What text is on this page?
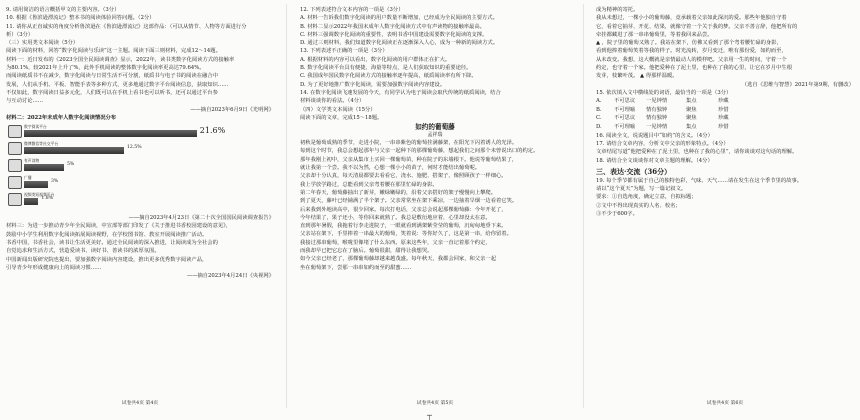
9. 请用简洁的语言概括甲文的主要内容。（3分）
10. 根据《鲁滨逊漂流记》整本书的阅读体验回答问题。（2分）
11. 请你从正直诚实的角度分析鲁滨逊在《鲁滨逊漂流记》这部作品：（可以从情节、人物等方面进行分
析）（3分）
（三）实用类文本阅读（5分）
阅读下面的材料，回答“数字化阅读与乐读”这一主题。阅读下面三则材料，完成12～14题。
材料一：近日发布的《2023全国全民阅读调查》显示，2022年，读书类数字化阅读方式的接触率
为80.1%，较2021年上升了%，此外手机阅读的整体数字化阅读率更高达79.64%。
而阅读纸质书不在减少，数字化阅读与日常生活不可分割，纸质书与电子书的阅读在融合中
发展，人们从手机、平板、智能手表等多种方式，更多地通过数字平台阅读信息，获取知识……
不仅如此，数字阅读日益多元化，人们既可以在手机上看书也可以听书，还可以通过平台参
与互动讨论……
——摘自2023年6月9日《光明网》
材料二：2022年未成年人数字化阅读情况分布
数字阅读平台	21.6%
微博微信等社交平台
12.5%
有声读物
5%
广播
3%
视频类短视频平台
1.8%
——摘自2023年4月23日《第二十次全国国民阅读调查报告》
材料三：为进一步推动青少年全民阅读，中宣部等部门印发了《关于推进书香校园建设的意见》，
鼓励中小学生利用数字化阅读拓展阅读视野，在学校图书馆、教室开展阅读推广活动。
书香中国，书香社会，读书让生活更美好。通过全民阅读的深入推进，让阅读成为全社会的
自觉追求和生活方式，营造爱读书、读好书、善读书的浓厚氛围。
中国新闻出版研究院也提出，要加强数字阅读内容建设，推出更多优秀数字阅读产品，
引导青少年形成健康向上的阅读习惯……
——摘自2023年4月24日《央视网》
试卷共4页 第4页
12. 下列表述符合文本内容的一项是（3分）
A. 材料一告诉我们数字化阅读的用户数量不断增加，已经成为全民阅读的主要方式。
B. 材料二显示2022年我国未成年人数字化阅读方式中有声读物的接触率最高。
C. 材料三强调数字化阅读的重要性，表明书香中国建设需要数字化阅读的支撑。
D. 通过三则材料，我们知道数字化阅读正在逐渐深入人心，成为一种新的阅读方式。
13. 下列表述不正确的一项是（3分）
A. 根据材料的内容可以看出，数字化阅读的用户群体正在扩大。
B. 数字化阅读平台具有便捷、海量等特点，是人们获取知识的重要途径。
C. 我国成年国民数字化阅读方式的接触率逐年提高，纸质阅读率有所下降。
D. 为了更好地推广数字化阅读，需要加强数字阅读内容建设。
14. 在数字化阅读飞速发展的今天，有同学认为电子阅读会取代传统的纸质阅读，结合
材料谈谈你的看法。（4分）
（四）文学类文本阅读（15分）
阅读下面的文章，完成15～18题。
如约的葡萄藤
孟祥瑞
初秋是葡萄成熟的季节，走进小院，一串串紫色的葡萄挂满藤架，在阳光下闪着诱人的光泽。
每到这个时节，我总会想起那年与父亲一起种下的那棵葡萄藤，想起我们之间那个未曾说出口的约定。
那年我刚上初中，父亲从集市上买回一棵葡萄苗，种在院子的东墙根下。他说等葡萄结果了，
就让我第一个尝。我不以为然，心想一棵小小的苗子，何时才能结出葡萄呢。
父亲却十分认真，每天清晨都要去看看它，浇水、施肥、搭架子，像照顾孩子一样细心。
我上学放学路过，总能看到父亲弯着腰在那里忙碌的身影。
第二年春天，葡萄藤抽出了新芽，嫩绿嫩绿的，沿着父亲搭好的架子慢慢向上攀爬。
到了夏天，藤叶已经铺满了半个架子。父亲常常坐在架下乘凉，一边抽着旱烟一边看着它笑。
后来我到外地读高中，很少回家。每次打电话，父亲总会说起那棵葡萄藤：今年开花了，
今年结果了，果子还小，等你回来就熟了。我总是敷衍地应着，心里却没太在意。
直到那年暑假，我拖着行李走进院子，一眼就看到满架紫莹莹的葡萄，沉甸甸地垂下来。
父亲站在架下，手里捧着一串最大的葡萄，笑着说：等你好久了，这是第一串，给你留着。
我接过那串葡萄，喉咙里像堵了什么东西。原来这些年，父亲一直记着那个约定，
而我却早已把它忘在了脑后。葡萄很甜，甜得让我想哭。
如今父亲已经老了，那棵葡萄藤却越来越茂盛。每年秋天，我都会回家，和父亲一起
坐在葡萄架下，尝那一串串如约而至的甜蜜……
试卷共4页 第5页
成为精神的寄托。
我从未想过，一棵小小的葡萄藤，竟承载着父亲如此深沉的爱。那些年他独自守着
它，看着它抽芽、开花、结果，就像守着一个关于我的梦。父亲不善言辞，他把所有的
牵挂都藏进了那一串串葡萄里，等着我回来品尝。
▲ ，院子里的葡萄又熟了。我站在架下，仿佛又看到了那个弯着腰忙碌的身影，
看到他捧着葡萄笑着等我的样子。时光流转，岁月变迁，唯有那份爱，如约而至，
从未改变。我想，这大概就是亲情最动人的模样吧。父亲用一生的时间，守着一个
约定，也守着一个家。他把爱种在了泥土里，也种在了我的心里，让它在岁月中生根
发芽，枝繁叶茂。 ▲ 得那样温暖。
（选自《思维与智慧》2021年第9期，有删改）
15. 依次填入文中横线处的词语，最恰当的一项是（3分）
A. 不可思议 一见钟情	集点	珍藏
B. 不可理喻 情有独钟	聚焦	珍惜
C. 不可思议 情有独钟	聚焦	珍藏
D. 不可理喻 一见钟情	集点	珍惜
16. 阅读全文，说说题目中“如约”的含义。（4分）
17. 请结合文章内容，分析文中父亲的形象特点。（4分）
文章结尾写道“他把爱种在了泥土里，也种在了我的心里”，请你谈谈对这句话的理解。
18. 请结合全文谈谈你对文章主题的理解。（4分）
三、表达·交流（36分）
19. 每个季节都有属于自己的独特色彩，气味、天气……请在发生在这个季节里的故事。
请以“这个夏天”为题，写一篇记叙文。
要求：①自选角度，确定立意，自拟标题；
②文中不得出现真实的人名、校名；
③不少于600字。
试卷共4页 第6页
┬
